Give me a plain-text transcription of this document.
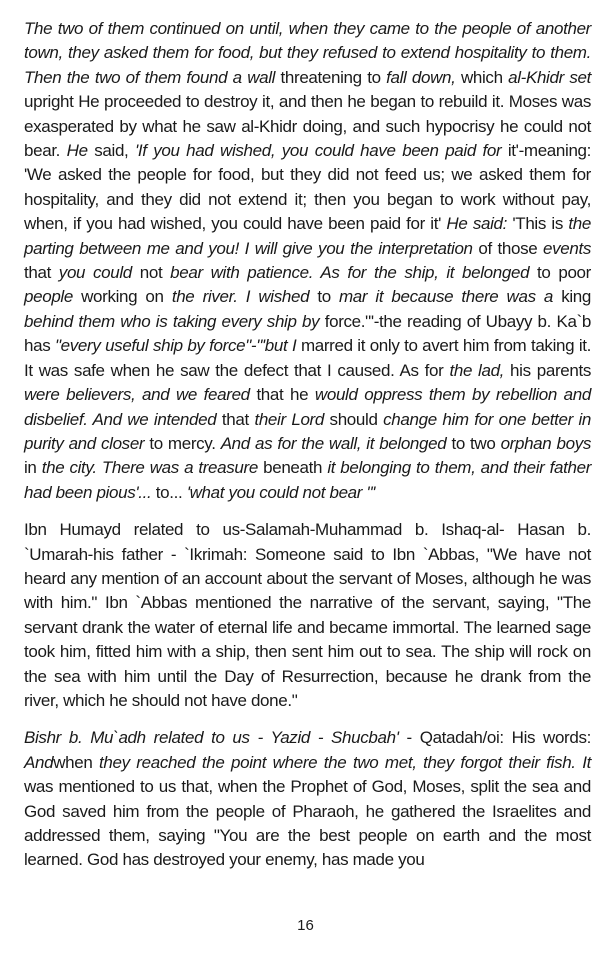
The two of them continued on until, when they came to the people of another town, they asked them for food, but they refused to extend hospitality to them. Then the two of them found a wall threatening to fall down, which al-Khidr set upright He proceeded to destroy it, and then he began to rebuild it. Moses was exasperated by what he saw al-Khidr doing, and such hypocrisy he could not bear. He said, 'If you had wished, you could have been paid for it'-meaning: 'We asked the people for food, but they did not feed us; we asked them for hospitality, and they did not extend it; then you began to work without pay, when, if you had wished, you could have been paid for it' He said: 'This is the parting between me and you! I will give you the interpretation of those events that you could not bear with patience. As for the ship, it belonged to poor people working on the river. I wished to mar it because there was a king behind them who is taking every ship by force."'-the reading of Ubayy b. Ka`b has "every useful ship by force"-"'but I marred it only to avert him from taking it. It was safe when he saw the defect that I caused. As for the lad, his parents were believers, and we feared that he would oppress them by rebellion and disbelief. And we intended that their Lord should change him for one better in purity and closer to mercy. And as for the wall, it belonged to two orphan boys in the city. There was a treasure beneath it belonging to them, and their father had been pious'... to... 'what you could not bear "'

Ibn Humayd related to us-Salamah-Muhammad b. Ishaq-al- Hasan b. `Umarah-his father - `Ikrimah: Someone said to Ibn `Abbas, "We have not heard any mention of an account about the servant of Moses, although he was with him." Ibn `Abbas mentioned the narrative of the servant, saying, "The servant drank the water of eternal life and became immortal. The learned sage took him, fitted him with a ship, then sent him out to sea. The ship will rock on the sea with him until the Day of Resurrection, because he drank from the river, which he should not have done."

Bishr b. Mu`adh related to us - Yazid - Shucbah' - Qatadah/oi: His words: Andwhen they reached the point where the two met, they forgot their fish. It was mentioned to us that, when the Prophet of God, Moses, split the sea and God saved him from the people of Pharaoh, he gathered the Israelites and addressed them, saying "You are the best people on earth and the most learned. God has destroyed your enemy, has made you

16
